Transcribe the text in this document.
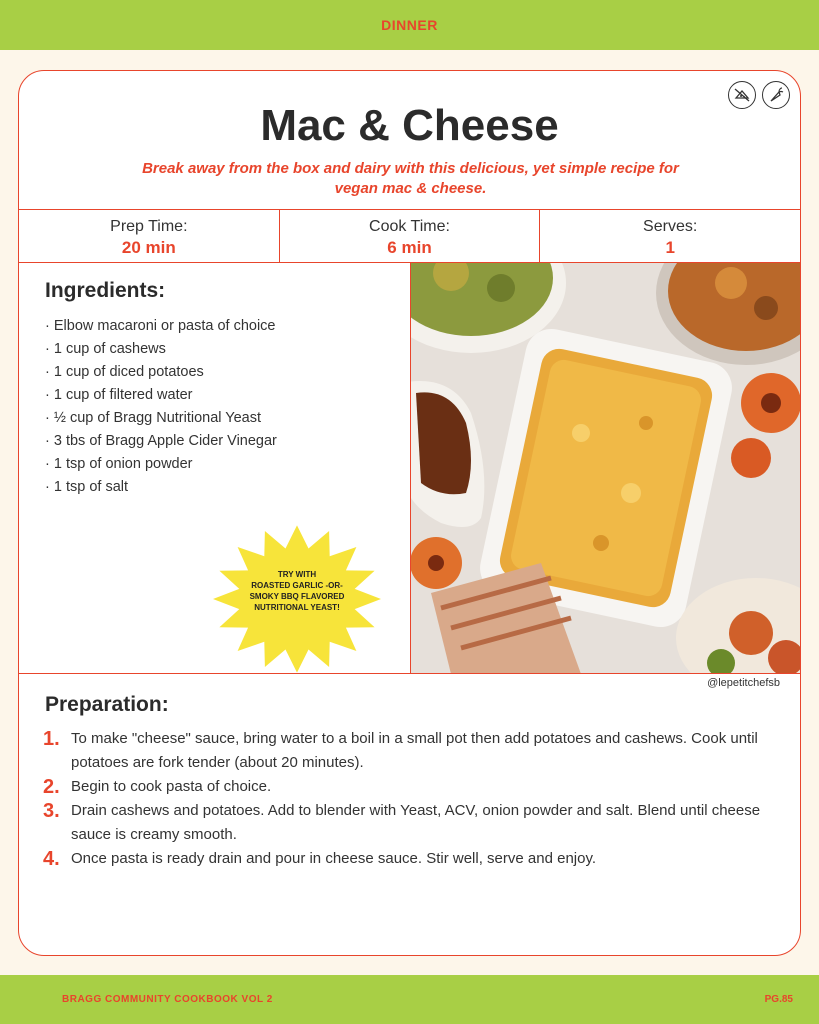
DINNER
Mac & Cheese
Break away from the box and dairy with this delicious, yet simple recipe for vegan mac & cheese.
Prep Time:
20 min
Cook Time:
6 min
Serves:
1
Ingredients:
· Elbow macaroni or pasta of choice
· 1 cup of cashews
· 1 cup of diced potatoes
· 1 cup of filtered water
· ½ cup of Bragg Nutritional Yeast
· 3 tbs of Bragg Apple Cider Vinegar
· 1 tsp of onion powder
· 1 tsp of salt
TRY WITH
ROASTED GARLIC -OR-
SMOKY BBQ FLAVORED
NUTRITIONAL YEAST!
@lepetitchefsb
Preparation:
1. To make "cheese" sauce, bring water to a boil in a small pot then add potatoes and cashews. Cook until potatoes are fork tender (about 20 minutes).
2. Begin to cook pasta of choice.
3. Drain cashews and potatoes. Add to blender with Yeast, ACV, onion powder and salt. Blend until cheese sauce is creamy smooth.
4. Once pasta is ready drain and pour in cheese sauce. Stir well, serve and enjoy.
BRAGG COMMUNITY COOKBOOK VOL 2	PG.85
